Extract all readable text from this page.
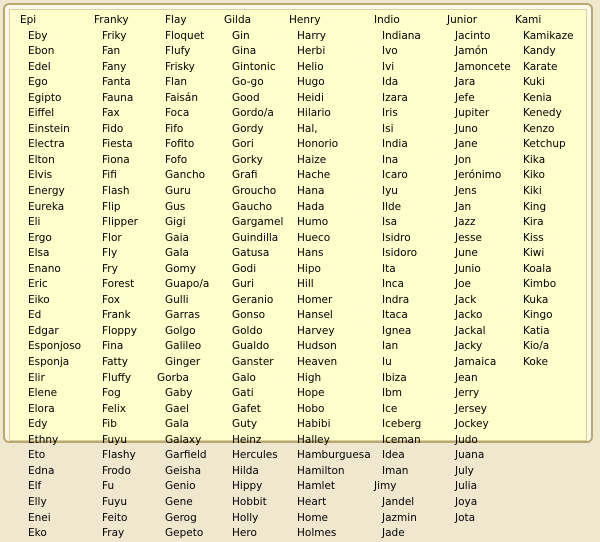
Epi
Eby
Ebon
Edel
Ego
Egipto
Eiffel
Einstein
Electra
Elton
Elvis
Energy
Eureka
Eli
Ergo
Elsa
Enano
Eric
Eiko
Ed
Edgar
Esponjoso
Esponja
Elir
Elene
Elora
Edy
Ethny
Eto
Edna
Elf
Elly
Enei
Eko
Franky
Friky
Fan
Fany
Fanta
Fauna
Fax
Fido
Fiesta
Fiona
Fifi
Flash
Flip
Flipper
Flor
Fly
Fry
Forest
Fox
Frank
Floppy
Fina
Fatty
Fluffy
Fog
Felix
Fib
Fuyu
Flashy
Frodo
Fu
Fuyu
Feito
Fray
Flay
Floquet
Flufy
Frisky
Flan
Faisán
Foca
Fifo
Fofito
Fofo
Gancho
Guru
Gus
Gigi
Gaia
Gala
Gomy
Guapo/a
Gulli
Garras
Golgo
Galileo
Ginger
Gorba
Gaby
Gael
Gala
Galaxy
Garfield
Geisha
Genio
Gene
Gerog
Gepeto
Gilda
Gin
Gina
Gintonic
Go-go
Good
Gordo/a
Gordy
Gori
Gorky
Grafi
Groucho
Gaucho
Gargamel
Guindilla
Gatusa
Godi
Guri
Geranio
Gonso
Goldo
Gualdo
Ganster
Galo
Gati
Gafet
Guty
Heinz
Hercules
Hilda
Hippy
Hobbit
Holly
Hero
Henry
Harry
Herbi
Helio
Hugo
Heidi
Hilario
Hal,
Honorio
Haize
Hache
Hana
Hada
Humo
Hueco
Hans
Hipo
Hill
Homer
Hansel
Harvey
Hudson
Heaven
High
Hope
Hobo
Habibi
Halley
Hamburguesa
Hamilton
Hamlet
Heart
Home
Holmes
Indio
Indiana
Ivo
Ivi
Ida
Izara
Iris
Isi
India
Ina
Icaro
Iyu
Ilde
Isa
Isidro
Isidoro
Ita
Inca
Indra
Itaca
Ignea
Ian
Iu
Ibiza
Ibm
Ice
Iceberg
Iceman
Idea
Iman
Jimy
Jandel
Jazmin
Jade
Junior
Jacinto
Jamón
Jamoncete
Jara
Jefe
Jupiter
Juno
Jane
Jon
Jerónimo
Jens
Jan
Jazz
Jesse
June
Junio
Joe
Jack
Jacko
Jackal
Jacky
Jamaica
Jean
Jerry
Jersey
Jockey
Judo
Juana
July
Julia
Joya
Jota
Kami
Kamikaze
Kandy
Karate
Kuki
Kenia
Kenedy
Kenzo
Ketchup
Kika
Kiko
Kiki
King
Kira
Kiss
Kiwi
Koala
Kimbo
Kuka
Kingo
Katia
Kio/a
Koke
